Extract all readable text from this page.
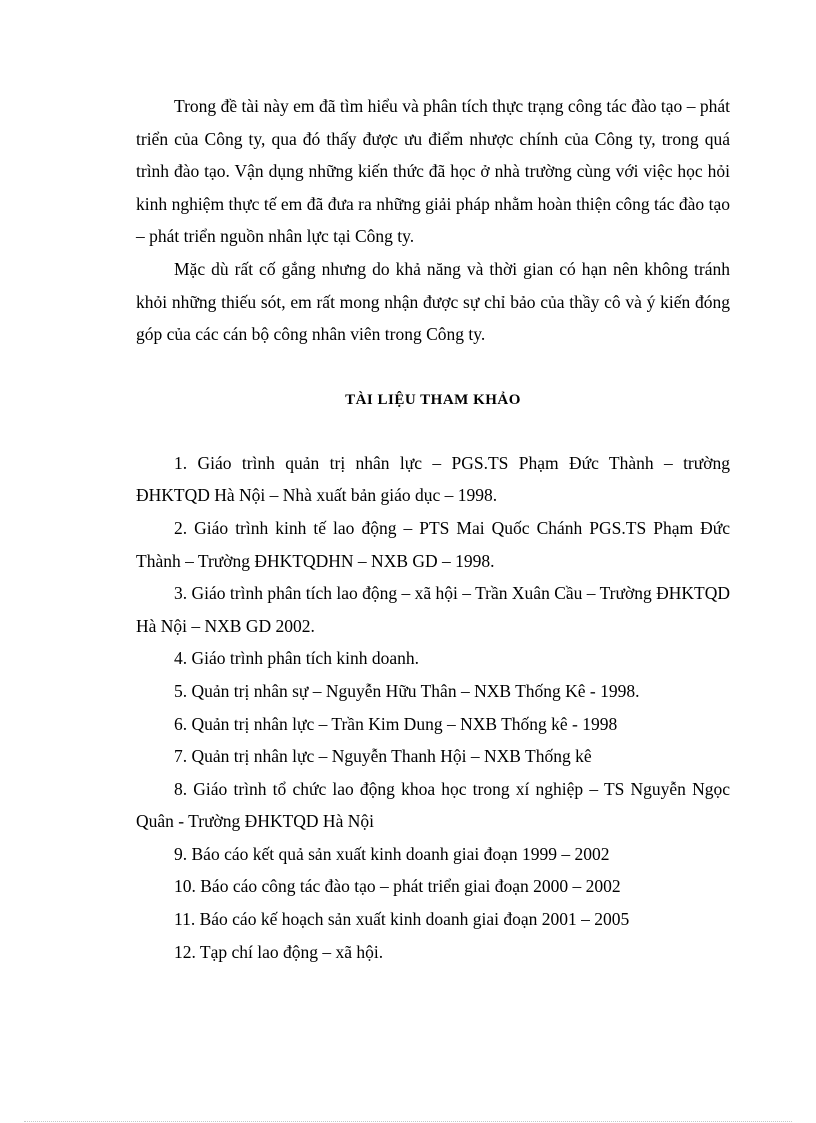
Trong đề tài này em đã tìm hiểu và phân tích thực trạng công tác đào tạo – phát triển của Công ty, qua đó thấy được ưu điểm nhược chính của Công ty, trong quá trình đào tạo. Vận dụng những kiến thức đã học ở nhà trường cùng với việc học hỏi kinh nghiệm thực tế em đã đưa ra những giải pháp nhằm hoàn thiện công tác đào tạo – phát triển nguồn nhân lực tại Công ty.

Mặc dù rất cố gắng nhưng do khả năng và thời gian có hạn nên không tránh khỏi những thiếu sót, em rất mong nhận được sự chỉ bảo của thầy cô và ý kiến đóng góp của các cán bộ công nhân viên trong Công ty.

TÀI LIỆU THAM KHẢO
1. Giáo trình quản trị nhân lực – PGS.TS Phạm Đức Thành – trường ĐHKTQD Hà Nội – Nhà xuất bản giáo dục – 1998.
2. Giáo trình kinh tế lao động – PTS Mai Quốc Chánh PGS.TS Phạm Đức Thành – Trường ĐHKTQDHN – NXB GD – 1998.
3. Giáo trình phân tích lao động – xã hội – Trần Xuân Cầu – Trường ĐHKTQD Hà Nội – NXB GD 2002.
4. Giáo trình phân tích kinh doanh.
5. Quản trị nhân sự – Nguyễn Hữu Thân – NXB Thống Kê - 1998.
6. Quản trị nhân lực – Trần Kim Dung – NXB Thống kê - 1998
7. Quản trị nhân lực – Nguyễn Thanh Hội – NXB Thống kê
8. Giáo trình tổ chức lao động khoa học trong xí nghiệp – TS Nguyễn Ngọc Quân - Trường ĐHKTQD Hà Nội
9. Báo cáo kết quả sản xuất kinh doanh giai đoạn 1999 – 2002
10. Báo cáo công tác đào tạo – phát triển giai đoạn 2000 – 2002
11. Báo cáo kế hoạch sản xuất kinh doanh giai đoạn 2001 – 2005
12. Tạp chí lao động – xã hội.
